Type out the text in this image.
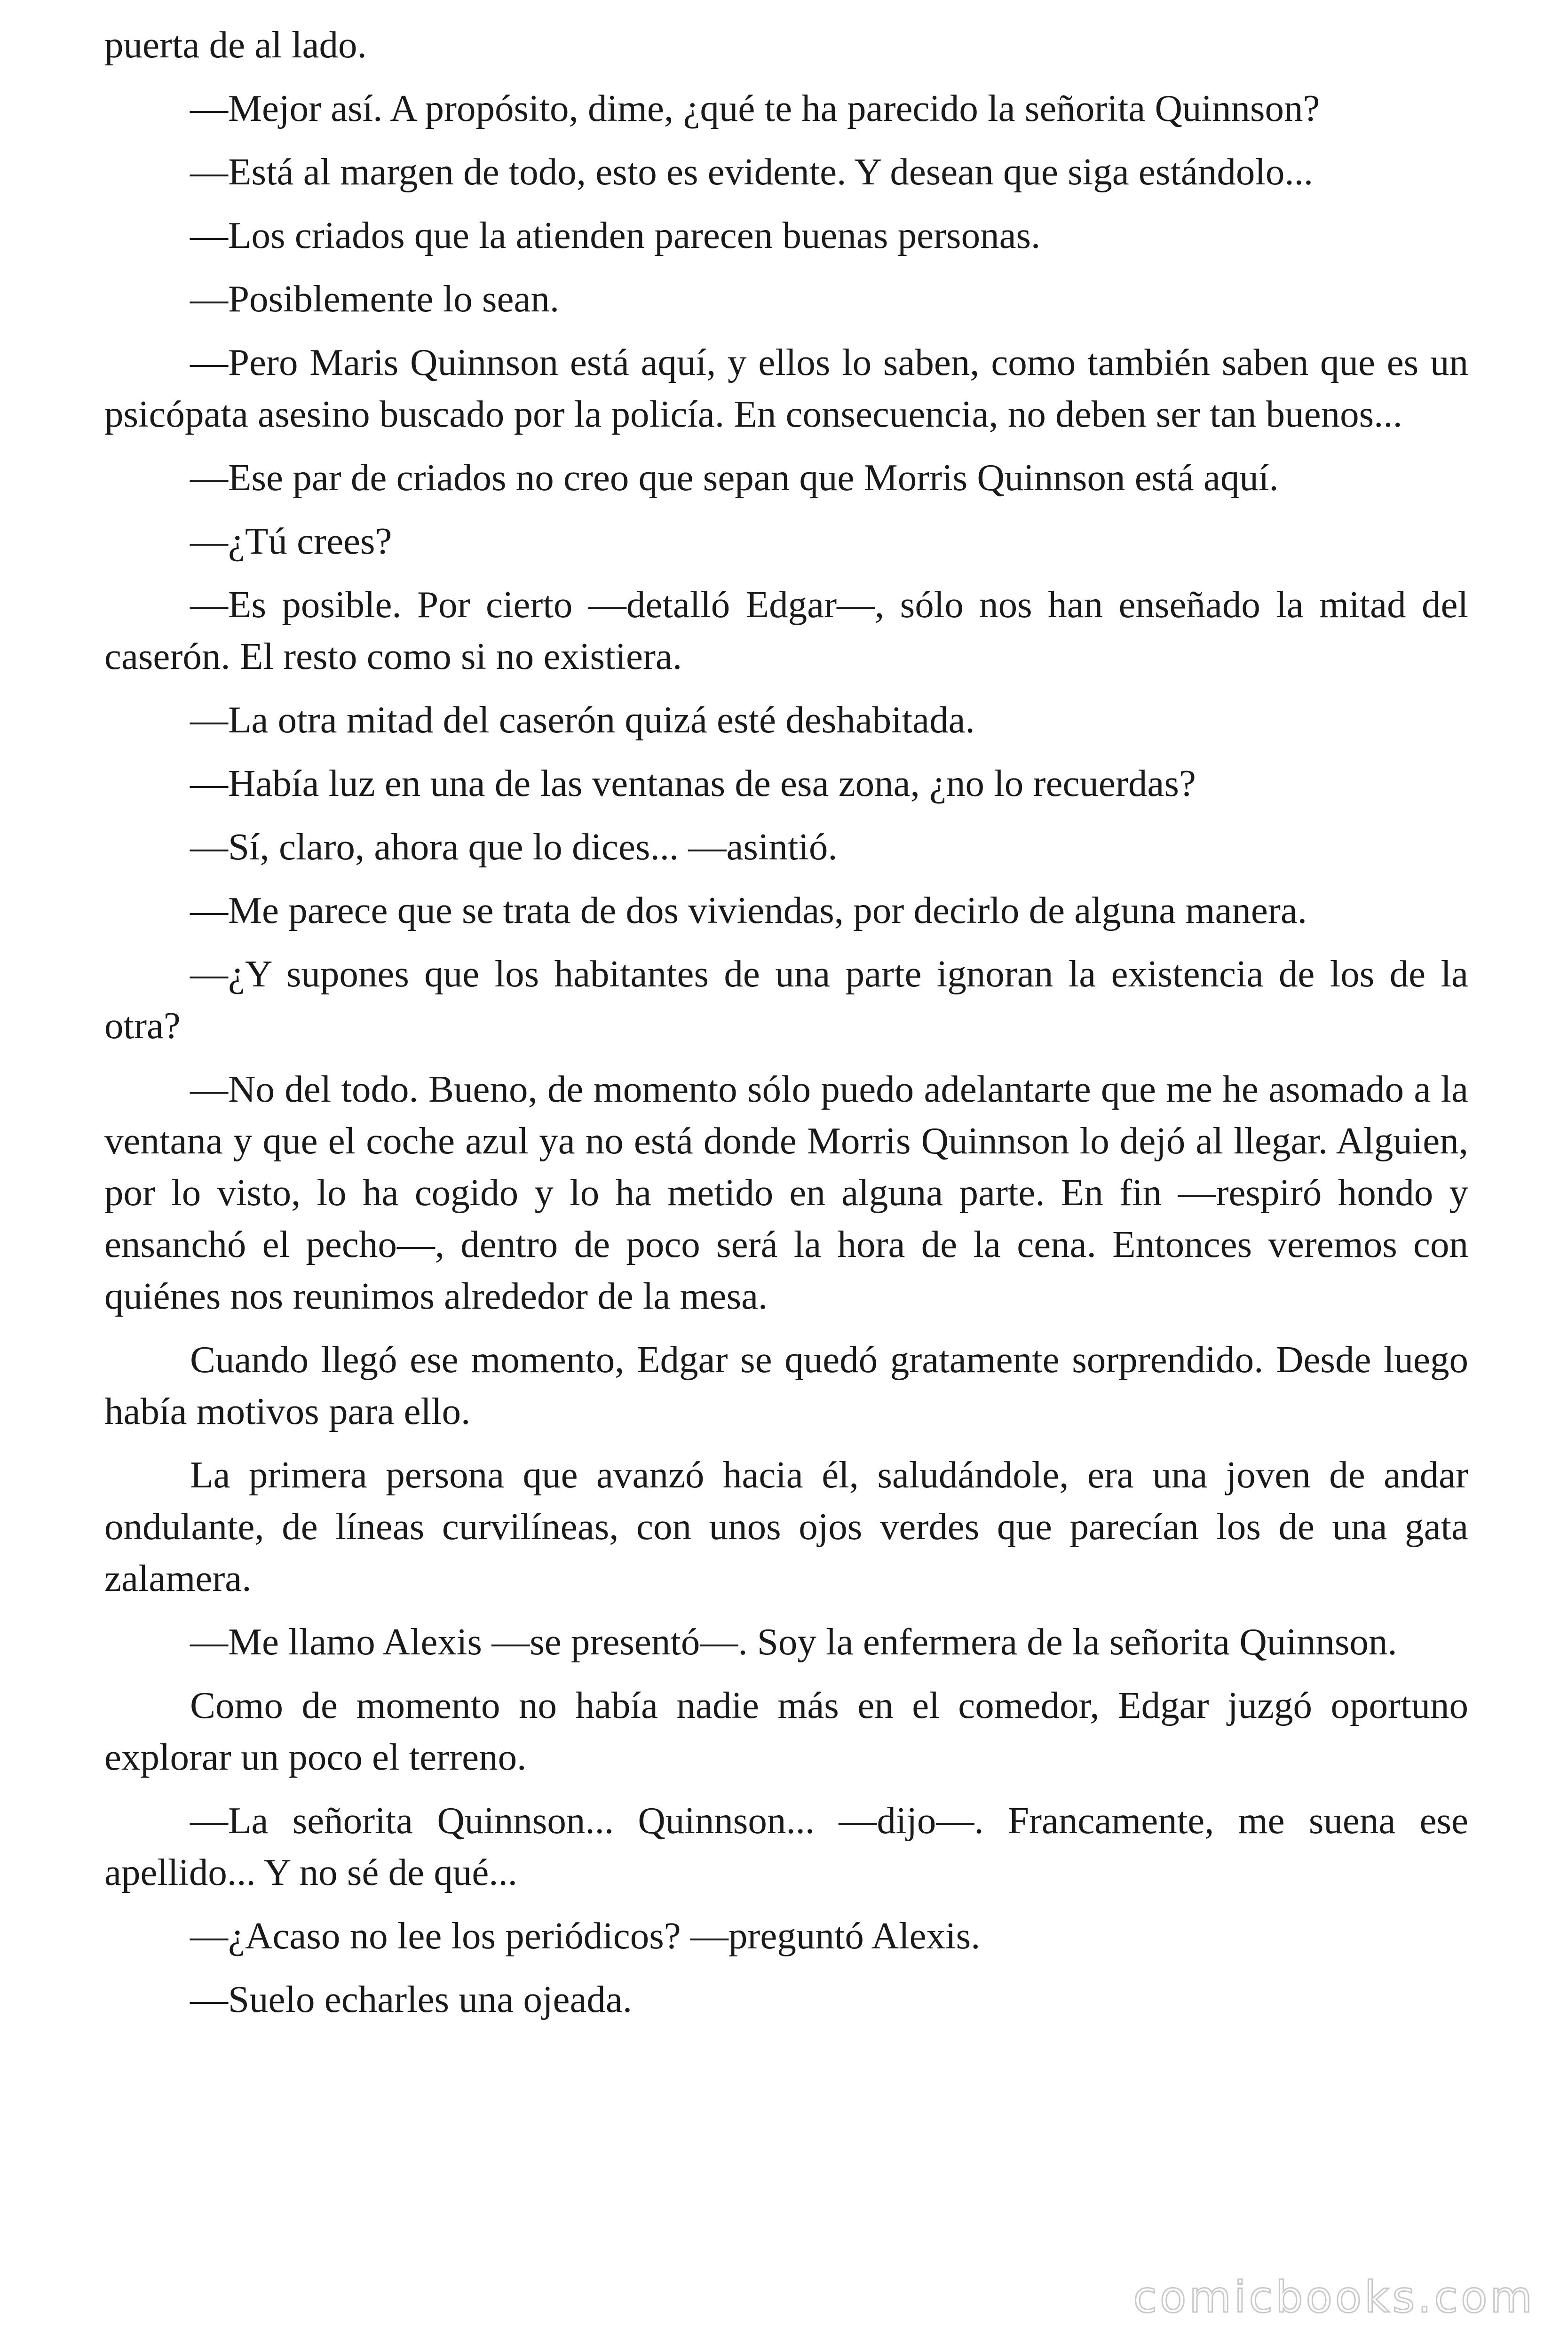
puerta de al lado.

—Mejor así. A propósito, dime, ¿qué te ha parecido la señorita Quinnson?

—Está al margen de todo, esto es evidente. Y desean que siga estándolo...

—Los criados que la atienden parecen buenas personas.

—Posiblemente lo sean.

—Pero Maris Quinnson está aquí, y ellos lo saben, como también saben que es un psicópata asesino buscado por la policía. En consecuencia, no deben ser tan buenos...

—Ese par de criados no creo que sepan que Morris Quinnson está aquí.

—¿Tú crees?

—Es posible. Por cierto —detalló Edgar—, sólo nos han enseñado la mitad del caserón. El resto como si no existiera.

—La otra mitad del caserón quizá esté deshabitada.

—Había luz en una de las ventanas de esa zona, ¿no lo recuerdas?

—Sí, claro, ahora que lo dices... —asintió.

—Me parece que se trata de dos viviendas, por decirlo de alguna manera.

—¿Y supones que los habitantes de una parte ignoran la existencia de los de la otra?

—No del todo. Bueno, de momento sólo puedo adelantarte que me he asomado a la ventana y que el coche azul ya no está donde Morris Quinnson lo dejó al llegar. Alguien, por lo visto, lo ha cogido y lo ha metido en alguna parte. En fin —respiró hondo y ensanchó el pecho—, dentro de poco será la hora de la cena. Entonces veremos con quiénes nos reunimos alrededor de la mesa.

Cuando llegó ese momento, Edgar se quedó gratamente sorprendido. Desde luego había motivos para ello.

La primera persona que avanzó hacia él, saludándole, era una joven de andar ondulante, de líneas curvilíneas, con unos ojos verdes que parecían los de una gata zalamera.

—Me llamo Alexis —se presentó—. Soy la enfermera de la señorita Quinnson.

Como de momento no había nadie más en el comedor, Edgar juzgó oportuno explorar un poco el terreno.

—La señorita Quinnson... Quinnson... —dijo—. Francamente, me suena ese apellido... Y no sé de qué...

—¿Acaso no lee los periódicos? —preguntó Alexis.

—Suelo echarles una ojeada.

comicbooks.com
